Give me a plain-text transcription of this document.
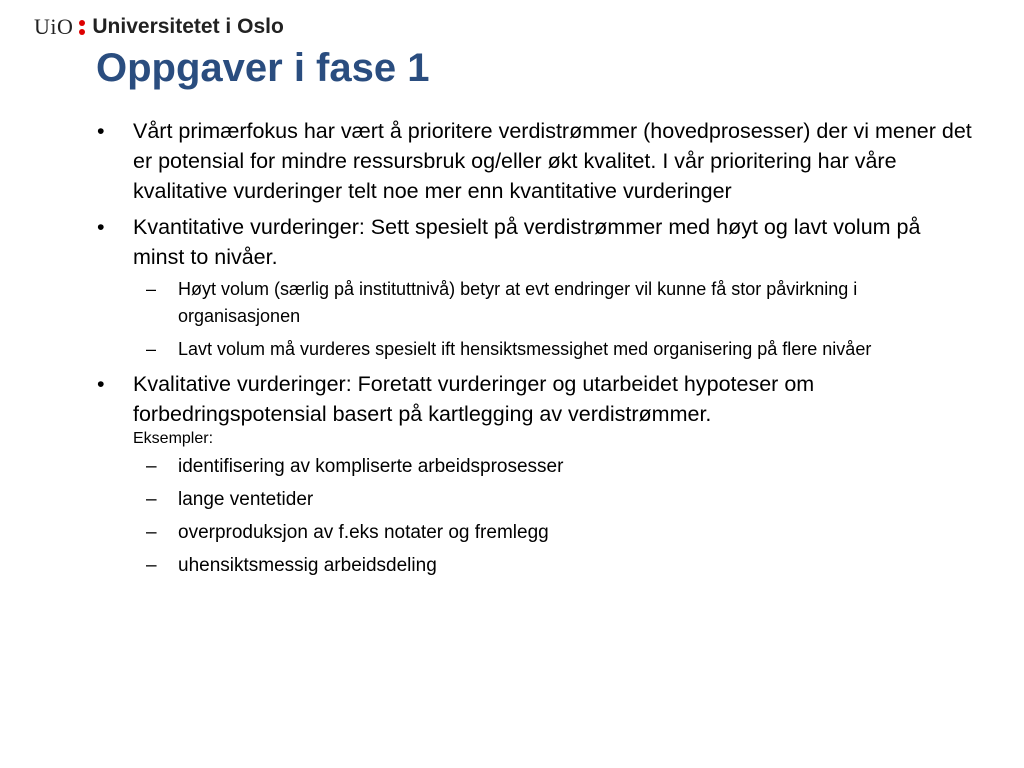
UiO Universitetet i Oslo
Oppgaver i fase 1
• Vårt primærfokus har vært å prioritere verdistrømmer (hovedprosesser) der vi mener det er potensial for mindre ressursbruk og/eller økt kvalitet. I vår prioritering har våre kvalitative vurderinger telt noe mer enn kvantitative vurderinger
• Kvantitative vurderinger: Sett spesielt på verdistrømmer med høyt og lavt volum på minst to nivåer.
– Høyt volum (særlig på instituttnivå) betyr at evt endringer vil kunne få stor påvirkning i organisasjonen
– Lavt volum må vurderes spesielt ift hensiktsmessighet med organisering på flere nivåer
• Kvalitative vurderinger: Foretatt vurderinger og utarbeidet hypoteser om forbedringspotensial basert på kartlegging av verdistrømmer.
Eksempler:
– identifisering av kompliserte arbeidsprosesser
– lange ventetider
– overproduksjon av f.eks notater og fremlegg
– uhensiktsmessig arbeidsdeling
